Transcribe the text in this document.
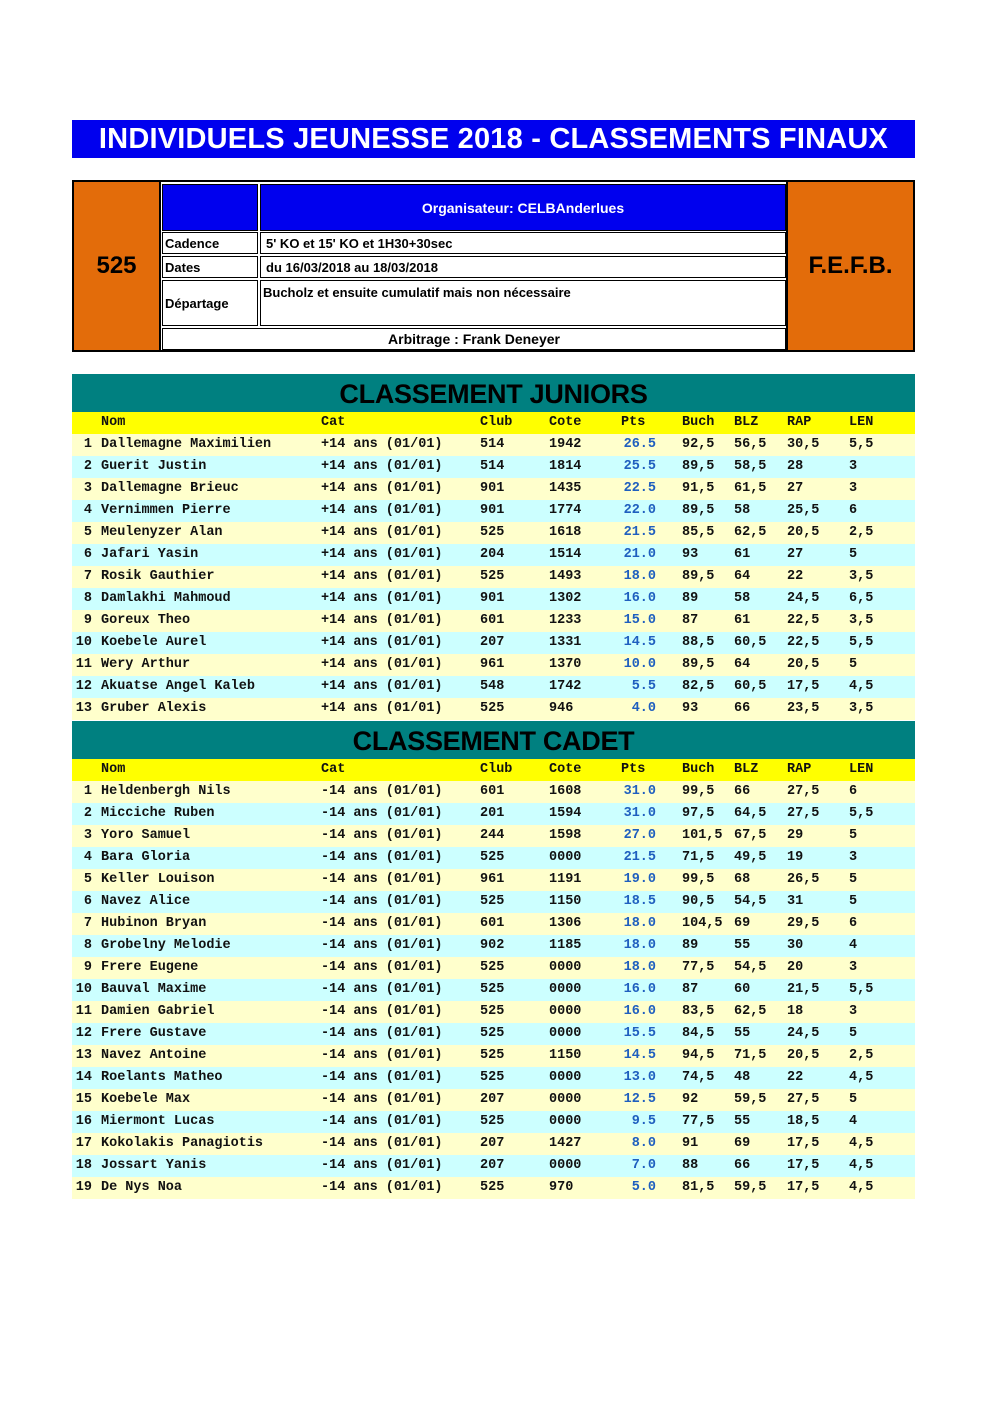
INDIVIDUELS JEUNESSE 2018 - CLASSEMENTS FINAUX
525
Organisateur: CELBAnderlues
Cadence	5' KO et 15' KO et 1H30+30sec
Dates	du 16/03/2018 au 18/03/2018
Départage
Bucholz et ensuite cumulatif mais non nécessaire
Arbitrage : Frank Deneyer
F.E.F.B.
CLASSEMENT JUNIORS
Nom	Cat	Club	Cote	Pts	Buch BLZ RAP	LEN
1 Dallemagne Maximilien	+14 ans (01/01)	514	1942	26.5 92,5 56,5 30,5 5,5
2 Guerit Justin	+14 ans (01/01)	514	1814	25.5 89,5 58,5 28	3
3 Dallemagne Brieuc	+14 ans (01/01)	901	1435	22.5 91,5 61,5 27	3
4 Vernimmen Pierre	+14 ans (01/01)	901	1774	22.0 89,5 58	25,5 6
5 Meulenyzer Alan	+14 ans (01/01)	525	1618	21.5 85,5 62,5 20,5 2,5
6 Jafari Yasin	+14 ans (01/01)	204	1514	21.0 93	61	27	5
7 Rosik Gauthier	+14 ans (01/01)	525	1493	18.0 89,5 64	22	3,5
8 Damlakhi Mahmoud	+14 ans (01/01)	901	1302	16.0 89	58	24,5 6,5
9 Goreux Theo	+14 ans (01/01)	601	1233	15.0 87	61	22,5 3,5
10 Koebele Aurel	+14 ans (01/01)	207	1331	14.5 88,5 60,5 22,5 5,5
11 Wery Arthur	+14 ans (01/01)	961	1370	10.0 89,5 64	20,5 5
12 Akuatse Angel Kaleb	+14 ans (01/01)	548	1742	5.5 82,5 60,5 17,5 4,5
13 Gruber Alexis	+14 ans (01/01)	525	946	4.0 93	66	23,5 3,5
CLASSEMENT CADET
Nom	Cat	Club	Cote	Pts	Buch BLZ RAP	LEN
1 Heldenbergh Nils	-14 ans (01/01)	601	1608	31.0 99,5 66	27,5 6
2 Micciche Ruben	-14 ans (01/01)	201	1594	31.0 97,5 64,5 27,5 5,5
3 Yoro Samuel	-14 ans (01/01)	244	1598	27.0 101,5 67,5 29	5
4 Bara Gloria	-14 ans (01/01)	525	0000	21.5 71,5 49,5 19	3
5 Keller Louison	-14 ans (01/01)	961	1191	19.0 99,5 68	26,5 5
6 Navez Alice	-14 ans (01/01)	525	1150	18.5 90,5 54,5 31	5
7 Hubinon Bryan	-14 ans (01/01)	601	1306	18.0 104,5 69	29,5 6
8 Grobelny Melodie	-14 ans (01/01)	902	1185	18.0 89	55	30	4
9 Frere Eugene	-14 ans (01/01)	525	0000	18.0 77,5 54,5 20	3
10 Bauval Maxime	-14 ans (01/01)	525	0000	16.0 87	60	21,5 5,5
11 Damien Gabriel	-14 ans (01/01)	525	0000	16.0 83,5 62,5 18	3
12 Frere Gustave	-14 ans (01/01)	525	0000	15.5 84,5 55	24,5 5
13 Navez Antoine	-14 ans (01/01)	525	1150	14.5 94,5 71,5 20,5 2,5
14 Roelants Matheo	-14 ans (01/01)	525	0000	13.0 74,5 48	22	4,5
15 Koebele Max	-14 ans (01/01)	207	0000	12.5 92	59,5 27,5 5
16 Miermont Lucas	-14 ans (01/01)	525	0000	9.5 77,5 55	18,5 4
17 Kokolakis Panagiotis	-14 ans (01/01)	207	1427	8.0 91	69	17,5 4,5
18 Jossart Yanis	-14 ans (01/01)	207	0000	7.0 88	66	17,5 4,5
19 De Nys Noa	-14 ans (01/01)	525	970	5.0 81,5 59,5 17,5 4,5
